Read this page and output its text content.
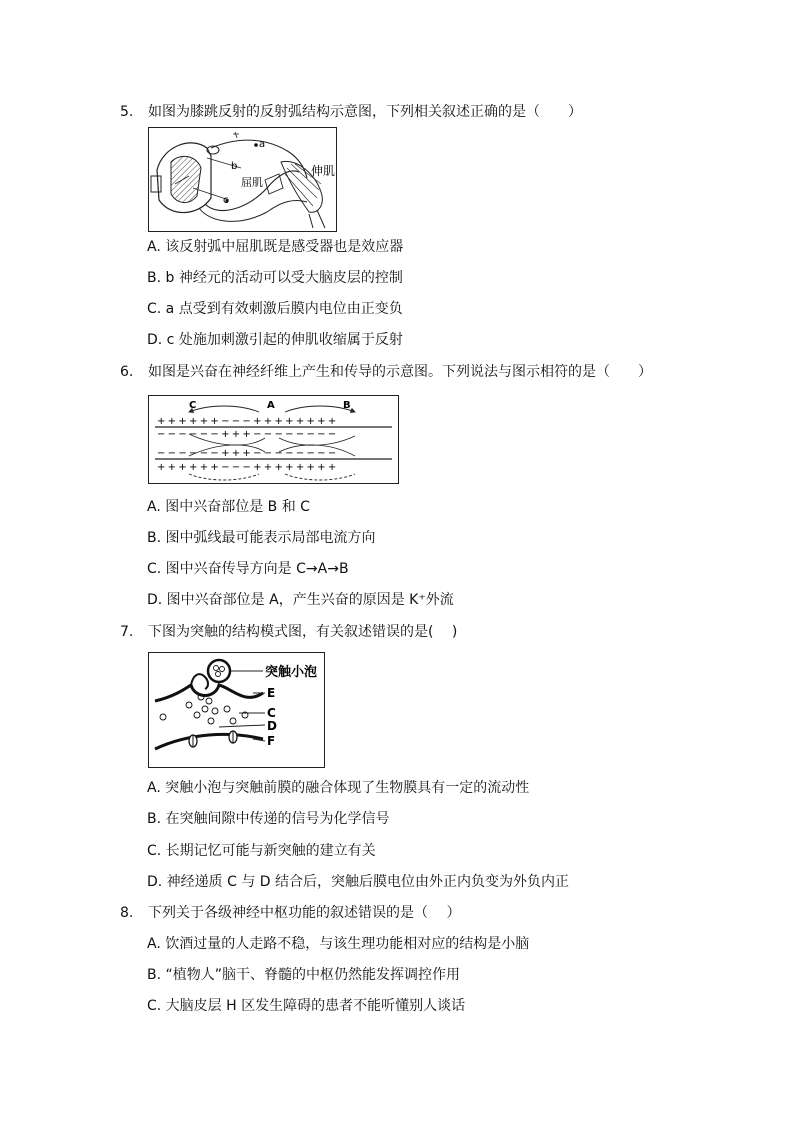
5. 如图为膝跳反射的反射弧结构示意图，下列相关叙述正确的是（　　）
a
b
c
屈肌
伸肌
A. 该反射弧中屈肌既是感受器也是效应器
B. b 神经元的活动可以受大脑皮层的控制
C. a 点受到有效刺激后膜内电位由正变负
D. c 处施加刺激引起的伸肌收缩属于反射
6. 如图是兴奋在神经纤维上产生和传导的示意图。下列说法与图示相符的是（　　）
C	A	B
++++++−−−++++++++
−−−−−−+++−−−−−−−−
−−−−−−+++−−−−−−−−
++++++−−−++++++++
A. 图中兴奋部位是 B 和 C
B. 图中弧线最可能表示局部电流方向
C. 图中兴奋传导方向是 C→A→B
D. 图中兴奋部位是 A，产生兴奋的原因是 K⁺外流
7. 下图为突触的结构模式图，有关叙述错误的是(　 )
突触小泡
E
C
D
F
A. 突触小泡与突触前膜的融合体现了生物膜具有一定的流动性
B. 在突触间隙中传递的信号为化学信号
C. 长期记忆可能与新突触的建立有关
D. 神经递质 C 与 D 结合后，突触后膜电位由外正内负变为外负内正
8. 下列关于各级神经中枢功能的叙述错误的是（　 ）
A. 饮酒过量的人走路不稳，与该生理功能相对应的结构是小脑
B. “植物人”脑干、脊髓的中枢仍然能发挥调控作用
C. 大脑皮层 H 区发生障碍的患者不能听懂别人谈话
